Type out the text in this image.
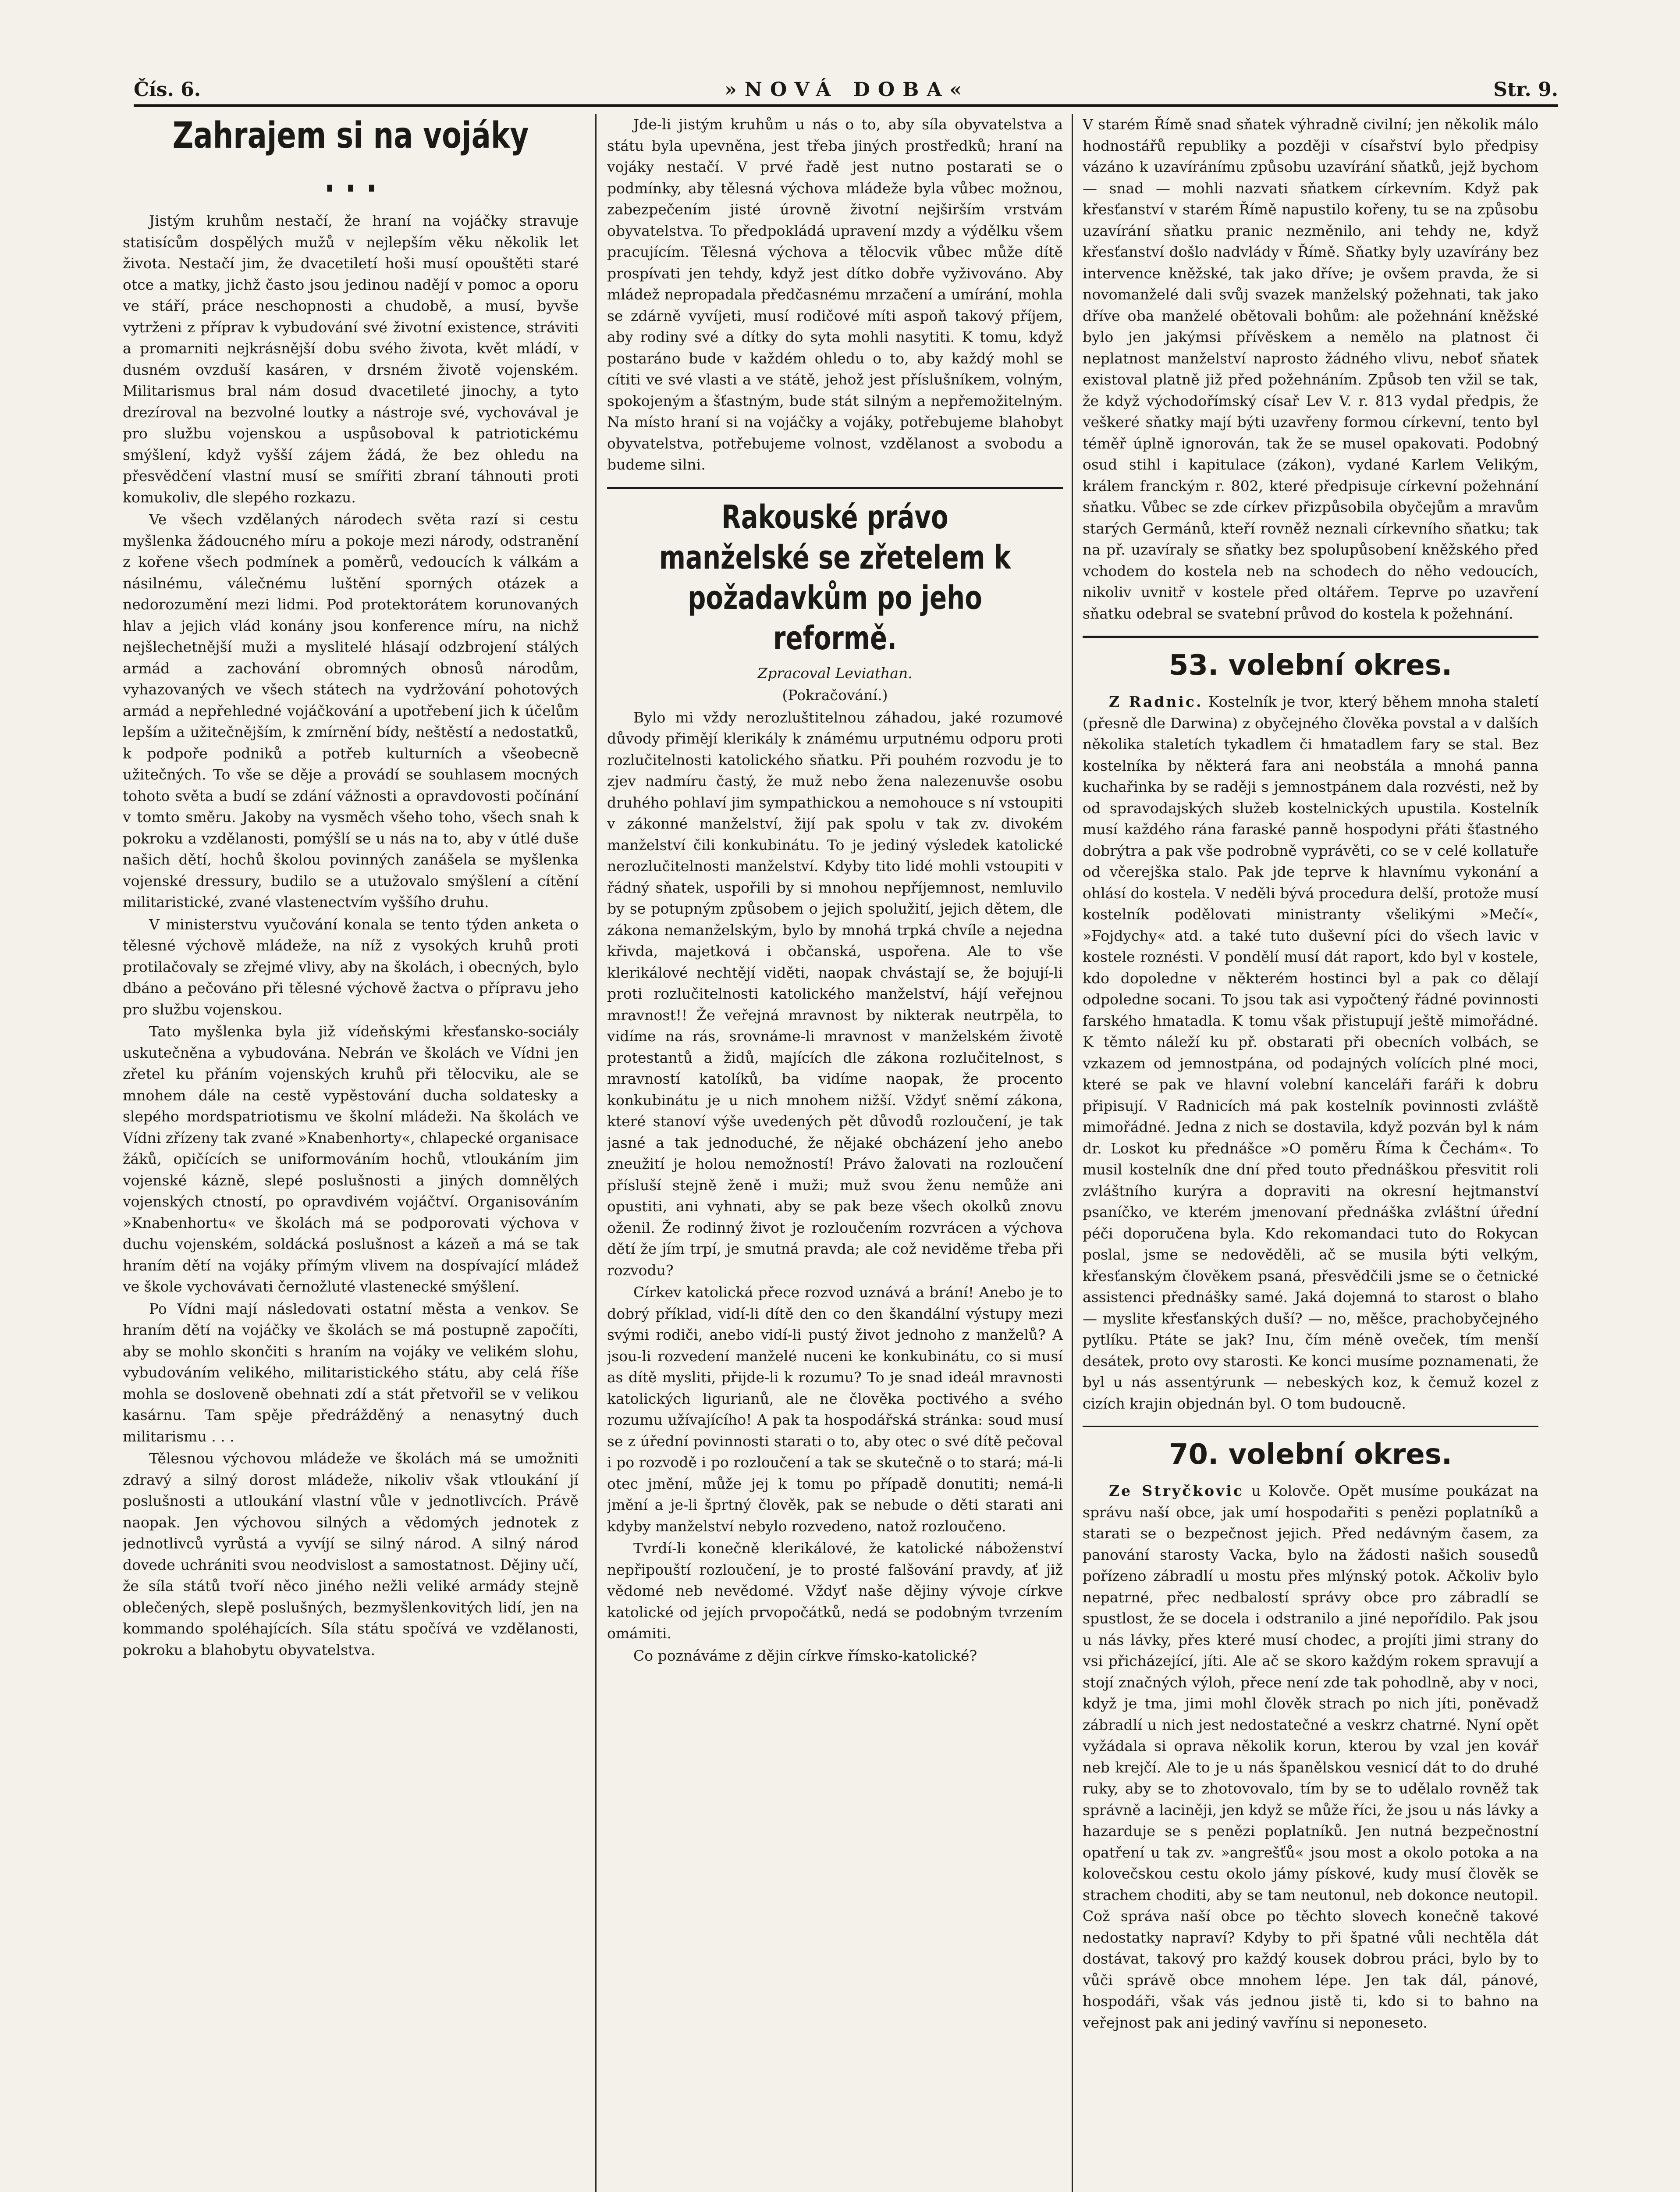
Čís. 6.	»NOVÁ DOBA«	Str. 9.
Zahrajem si na vojáky . . .

Jistým kruhům nestačí, že hraní na vojáčky stravuje statisícům dospělých mužů v nejlepším věku několik let života. Nestačí jim, že dvacetiletí hoši musí opouštěti staré otce a matky, jichž často jsou jedinou nadějí v pomoc a oporu ve stáří, práce neschopnosti a chudobě, a musí, byvše vytrženi z příprav k vybudování své životní existence, stráviti a promarniti nejkrásnější dobu svého života, květ mládí, v dusném ovzduší kasáren, v drsném životě vojenském. Militarismus bral nám dosud dvacetileté jinochy, a tyto drezíroval na bezvolné loutky a nástroje své, vychovával je pro službu vojenskou a uspůsoboval k patriotickému smýšlení, když vyšší zájem žádá, že bez ohledu na přesvědčení vlastní musí se smířiti zbraní táhnouti proti komukoliv, dle slepého rozkazu.

Ve všech vzdělaných národech světa razí si cestu myšlenka žádoucného míru a pokoje mezi národy, odstranění z kořene všech podmínek a poměrů, vedoucích k válkám a násilnému, válečnému luštění sporných otázek a nedorozumění mezi lidmi. Pod protektorátem korunovaných hlav a jejich vlád konány jsou konference míru, na nichž nejšlechetnější muži a myslitelé hlásají odzbrojení stálých armád a zachování obromných obnosů národům, vyhazovaných ve všech státech na vydržování pohotových armád a nepřehledné vojáčkování a upotřebení jich k účelům lepším a užitečnějším, k zmírnění bídy, neštěstí a nedostatků, k podpoře podniků a potřeb kulturních a všeobecně užitečných. To vše se děje a provádí se souhlasem mocných tohoto světa a budí se zdání vážnosti a opravdovosti počínání v tomto směru. Jakoby na vysměch všeho toho, všech snah k pokroku a vzdělanosti, pomýšlí se u nás na to, aby v útlé duše našich dětí, hochů školou povinných zanášela se myšlenka vojenské dressury, budilo se a utužovalo smýšlení a cítění militaristické, zvané vlastenectvím vyššího druhu.

V ministerstvu vyučování konala se tento týden anketa o tělesné výchově mládeže, na níž z vysokých kruhů proti protilačovaly se zřejmé vlivy, aby na školách, i obecných, bylo dbáno a pečováno při tělesné výchově žactva o přípravu jeho pro službu vojenskou.

Tato myšlenka byla již vídeňskými křesťansko-sociály uskutečněna a vybudována. Nebrán ve školách ve Vídni jen zřetel ku přáním vojenských kruhů při tělocviku, ale se mnohem dále na cestě vypěstování ducha soldatesky a slepého mordspatriotismu ve školní mládeži. Na školách ve Vídni zřízeny tak zvané »Knabenhorty«, chlapecké organisace žáků, opičících se uniformováním hochů, vtloukáním jim vojenské kázně, slepé poslušnosti a jiných domnělých vojenských ctností, po opravdivém vojáčtví. Organisováním »Knabenhortu« ve školách má se podporovati výchova v duchu vojenském, soldácká poslušnost a kázeň a má se tak hraním dětí na vojáky přímým vlivem na dospívající mládež ve škole vychovávati černožluté vlastenecké smýšlení.

Po Vídni mají následovati ostatní města a venkov. Se hraním dětí na vojáčky ve školách se má postupně započíti, aby se mohlo skončiti s hraním na vojáky ve velikém slohu, vybudováním velikého, militaristického státu, aby celá říše mohla se dosloveně obehnati zdí a stát přetvořil se v velikou kasárnu. Tam spěje předrážděný a nenasytný duch militarismu . . .

Tělesnou výchovou mládeže ve školách má se umožniti zdravý a silný dorost mládeže, nikoliv však vtloukání jí poslušnosti a utloukání vlastní vůle v jednotlivcích. Právě naopak. Jen výchovou silných a vědomých jednotek z jednotlivců vyrůstá a vyvíjí se silný národ. A silný národ dovede uchrániti svou neodvislost a samostatnost. Dějiny učí, že síla států tvoří něco jiného nežli veliké armády stejně oblečených, slepě poslušných, bezmyšlenkovitých lidí, jen na kommando spoléhajících. Síla státu spočívá ve vzdělanosti, pokroku a blahobytu obyvatelstva.

Jde-li jistým kruhům u nás o to, aby síla obyvatelstva a státu byla upevněna, jest třeba jiných prostředků; hraní na vojáky nestačí. V prvé řadě jest nutno postarati se o podmínky, aby tělesná výchova mládeže byla vůbec možnou, zabezpečením jisté úrovně životní nejširším vrstvám obyvatelstva. To předpokládá upravení mzdy a výdělku všem pracujícím. Tělesná výchova a tělocvik vůbec může dítě prospívati jen tehdy, když jest dítko dobře vyživováno. Aby mládež nepropadala předčasnému mrzačení a umírání, mohla se zdárně vyvíjeti, musí rodičové míti aspoň takový příjem, aby rodiny své a dítky do syta mohli nasytiti. K tomu, když postaráno bude v každém ohledu o to, aby každý mohl se cítiti ve své vlasti a ve státě, jehož jest příslušníkem, volným, spokojeným a šťastným, bude stát silným a nepřemožitelným. Na místo hraní si na vojáčky a vojáky, potřebujeme blahobyt obyvatelstva, potřebujeme volnost, vzdělanost a svobodu a budeme silni.

Rakouské právo manželské se zřetelem k požadavkům po jeho reformě.

Zpracoval Leviathan.

(Pokračování.)

Bylo mi vždy nerozluštitelnou záhadou, jaké rozumové důvody přimějí klerikály k známému urputnému odporu proti rozlučitelnosti katolického sňatku. Při pouhém rozvodu je to zjev nadmíru častý, že muž nebo žena nalezenuvše osobu druhého pohlaví jim sympathickou a nemohouce s ní vstoupiti v zákonné manželství, žijí pak spolu v tak zv. divokém manželství čili konkubinátu. To je jediný výsledek katolické nerozlučitelnosti manželství. Kdyby tito lidé mohli vstoupiti v řádný sňatek, uspořili by si mnohou nepříjemnost, nemluvilo by se potupným způsobem o jejich spolužití, jejich dětem, dle zákona nemanželským, bylo by mnohá trpká chvíle a nejedna křivda, majetková i občanská, uspořena. Ale to vše klerikálové nechtějí viděti, naopak chvástají se, že bojují-li proti rozlučitelnosti katolického manželství, hájí veřejnou mravnost!! Že veřejná mravnost by nikterak neutrpěla, to vidíme na rás, srovnáme-li mravnost v manželském životě protestantů a židů, majících dle zákona rozlučitelnost, s mravností katolíků, ba vidíme naopak, že procento konkubinátu je u nich mnohem nižší. Vždyť sněmí zákona, které stanoví výše uvedených pět důvodů rozloučení, je tak jasné a tak jednoduché, že nějaké obcházení jeho anebo zneužití je holou nemožností! Právo žalovati na rozloučení přísluší stejně ženě i muži; muž svou ženu nemůže ani opustiti, ani vyhnati, aby se pak beze všech okolků znovu oženil. Že rodinný život je rozloučením rozvrácen a výchova dětí že jím trpí, je smutná pravda; ale což neviděme třeba při rozvodu?

Církev katolická přece rozvod uznává a brání! Anebo je to dobrý příklad, vidí-li dítě den co den škandální výstupy mezi svými rodiči, anebo vidí-li pustý život jednoho z manželů? A jsou-li rozvedení manželé nuceni ke konkubinátu, co si musí as dítě mysliti, přijde-li k rozumu? To je snad ideál mravnosti katolických ligurianů, ale ne člověka poctivého a svého rozumu užívajícího! A pak ta hospodářská stránka: soud musí se z úřední povinnosti starati o to, aby otec o své dítě pečoval i po rozvodě i po rozloučení a tak se skutečně o to stará; má-li otec jmění, může jej k tomu po případě donutiti; nemá-li jmění a je-li šprtný člověk, pak se nebude o děti starati ani kdyby manželství nebylo rozvedeno, natož rozloučeno.

Tvrdí-li konečně klerikálové, že katolické náboženství nepřipouští rozloučení, je to prosté falšování pravdy, ať již vědomé neb nevědomé. Vždyť naše dějiny vývoje církve katolické od jejích prvopočátků, nedá se podobným tvrzením omámiti.

Co poznáváme z dějin církve římsko-katolické?

V starém Římě snad sňatek výhradně civilní; jen několik málo hodnostářů republiky a později v císařství bylo předpisy vázáno k uzavíránímu způsobu uzavírání sňatků, jejž bychom — snad — mohli nazvati sňatkem církevním. Když pak křesťanství v starém Římě napustilo kořeny, tu se na způsobu uzavírání sňatku pranic nezměnilo, ani tehdy ne, když křesťanství došlo nadvlády v Římě. Sňatky byly uzavírány bez intervence kněžské, tak jako dříve; je ovšem pravda, že si novomanželé dali svůj svazek manželský požehnati, tak jako dříve oba manželé obětovali bohům: ale požehnání kněžské bylo jen jakýmsi přívěskem a nemělo na platnost či neplatnost manželství naprosto žádného vlivu, neboť sňatek existoval platně již před požehnáním. Způsob ten vžil se tak, že když východořímský císař Lev V. r. 813 vydal předpis, že veškeré sňatky mají býti uzavřeny formou církevní, tento byl téměř úplně ignorován, tak že se musel opakovati. Podobný osud stihl i kapitulace (zákon), vydané Karlem Velikým, králem franckým r. 802, které předpisuje církevní požehnání sňatku. Vůbec se zde církev přizpůsobila obyčejům a mravům starých Germánů, kteří rovněž neznali církevního sňatku; tak na př. uzavíraly se sňatky bez spolupůsobení kněžského před vchodem do kostela neb na schodech do něho vedoucích, nikoliv uvnitř v kostele před oltářem. Teprve po uzavření sňatku odebral se svatební průvod do kostela k požehnání.

53. volební okres.

Z Radnic. Kostelník je tvor, který během mnoha staletí (přesně dle Darwina) z obyčejného člověka povstal a v dalších několika staletích tykadlem či hmatadlem fary se stal. Bez kostelníka by některá fara ani neobstála a mnohá panna kuchařinka by se raději s jemnostpánem dala rozvésti, než by od spravodajských služeb kostelnických upustila. Kostelník musí každého rána faraské panně hospodyni přáti šťastného dobrýtra a pak vše podrobně vyprávěti, co se v celé kollatuře od včerejška stalo. Pak jde teprve k hlavnímu vykonání a ohlásí do kostela. V neděli bývá procedura delší, protože musí kostelník podělovati ministranty všelikými »Mečí«, »Fojdychy« atd. a také tuto duševní píci do všech lavic v kostele roznésti. V pondělí musí dát raport, kdo byl v kostele, kdo dopoledne v některém hostinci byl a pak co dělají odpoledne socani. To jsou tak asi vypočtený řádné povinnosti farského hmatadla. K tomu však přistupují ještě mimořádné. K těmto náleží ku př. obstarati při obecních volbách, se vzkazem od jemnostpána, od podajných volících plné moci, které se pak ve hlavní volební kanceláři faráři k dobru připisují. V Radnicích má pak kostelník povinnosti zvláště mimořádné. Jedna z nich se dostavila, když pozván byl k nám dr. Loskot ku přednášce »O poměru Říma k Čechám«. To musil kostelník dne dní před touto přednáškou přesvitit roli zvláštního kurýra a dopraviti na okresní hejtmanství psaníčko, ve kterém jmenovaní přednáška zvláštní úřední péči doporučena byla. Kdo rekomandaci tuto do Rokycan poslal, jsme se nedověděli, ač se musila býti velkým, křesťanským člověkem psaná, přesvědčili jsme se o četnické assistenci přednášky samé. Jaká dojemná to starost o blaho — myslite křesťanských duší? — no, měšce, prachobyčejného pytlíku. Ptáte se jak? Inu, čím méně oveček, tím menší desátek, proto ovy starosti. Ke konci musíme poznamenati, že byl u nás assentýrunk — nebeských koz, k čemuž kozel z cizích krajin objednán byl. O tom budoucně.

70. volební okres.

Ze Stryčkovic u Kolovče. Opět musíme poukázat na správu naší obce, jak umí hospodařiti s penězi poplatníků a starati se o bezpečnost jejich. Před nedávným časem, za panování starosty Vacka, bylo na žádosti našich sousedů pořízeno zábradlí u mostu přes mlýnský potok. Ačkoliv bylo nepatrné, přec nedbalostí správy obce pro zábradlí se spustlost, že se docela i odstranilo a jiné nepořídilo. Pak jsou u nás lávky, přes které musí chodec, a projíti jimi strany do vsi přicházející, jíti. Ale ač se skoro každým rokem spravují a stojí značných výloh, přece není zde tak pohodlně, aby v noci, když je tma, jimi mohl člověk strach po nich jíti, poněvadž zábradlí u nich jest nedostatečné a veskrz chatrné. Nyní opět vyžádala si oprava několik korun, kterou by vzal jen kovář neb krejčí. Ale to je u nás španělskou vesnicí dát to do druhé ruky, aby se to zhotovovalo, tím by se to udělalo rovněž tak správně a laciněji, jen když se může říci, že jsou u nás lávky a hazarduje se s penězi poplatníků. Jen nutná bezpečnostní opatření u tak zv. »angrešťů« jsou most a okolo potoka a na kolovečskou cestu okolo jámy pískové, kudy musí člověk se strachem choditi, aby se tam neutonul, neb dokonce neutopil. Což správa naší obce po těchto slovech konečně takové nedostatky napraví? Kdyby to při špatné vůli nechtěla dát dostávat, takový pro každý kousek dobrou práci, bylo by to vůči správě obce mnohem lépe. Jen tak dál, pánové, hospodáři, však vás jednou jistě ti, kdo si to bahno na veřejnost pak ani jediný vavřínu si neponeseto.
